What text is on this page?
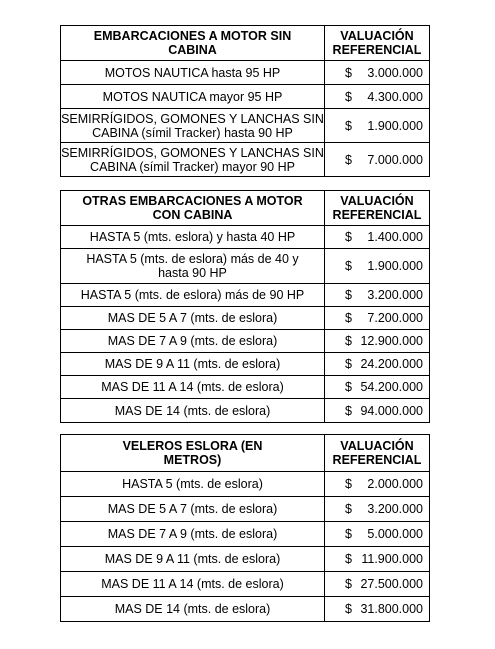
EMBARCACIONES A MOTOR SIN CABINA	VALUACIÓN REFERENCIAL
MOTOS NAUTICA hasta 95 HP	$ 3.000.000

MOTOS NAUTICA mayor 95 HP	$ 4.300.000

SEMIRRÍGIDOS, GOMONES Y LANCHAS SIN CABINA (símil Tracker) hasta 90 HP	$ 1.900.000

SEMIRRÍGIDOS, GOMONES Y LANCHAS SIN CABINA (símil Tracker) mayor 90 HP	$ 7.000.000
OTRAS EMBARCACIONES A MOTOR CON CABINA	VALUACIÓN REFERENCIAL
HASTA 5 (mts. eslora) y hasta 40 HP	$ 1.400.000

HASTA 5 (mts. de eslora) más de 40 y hasta 90 HP	$ 1.900.000

HASTA 5 (mts. de eslora) más de 90 HP	$ 3.200.000

MAS DE 5 A 7 (mts. de eslora)	$ 7.200.000

MAS DE 7 A 9 (mts. de eslora)	$ 12.900.000

MAS DE 9 A 11 (mts. de eslora)	$ 24.200.000

MAS DE 11 A 14 (mts. de eslora)	$ 54.200.000

MAS DE 14 (mts. de eslora)	$ 94.000.000
VELEROS ESLORA (EN METROS)	VALUACIÓN REFERENCIAL
HASTA 5 (mts. de eslora)	$ 2.000.000

MAS DE 5 A 7 (mts. de eslora)	$ 3.200.000

MAS DE 7 A 9 (mts. de eslora)	$ 5.000.000

MAS DE 9 A 11 (mts. de eslora)	$ 11.900.000

MAS DE 11 A 14 (mts. de eslora)	$ 27.500.000

MAS DE 14 (mts. de eslora)	$ 31.800.000
